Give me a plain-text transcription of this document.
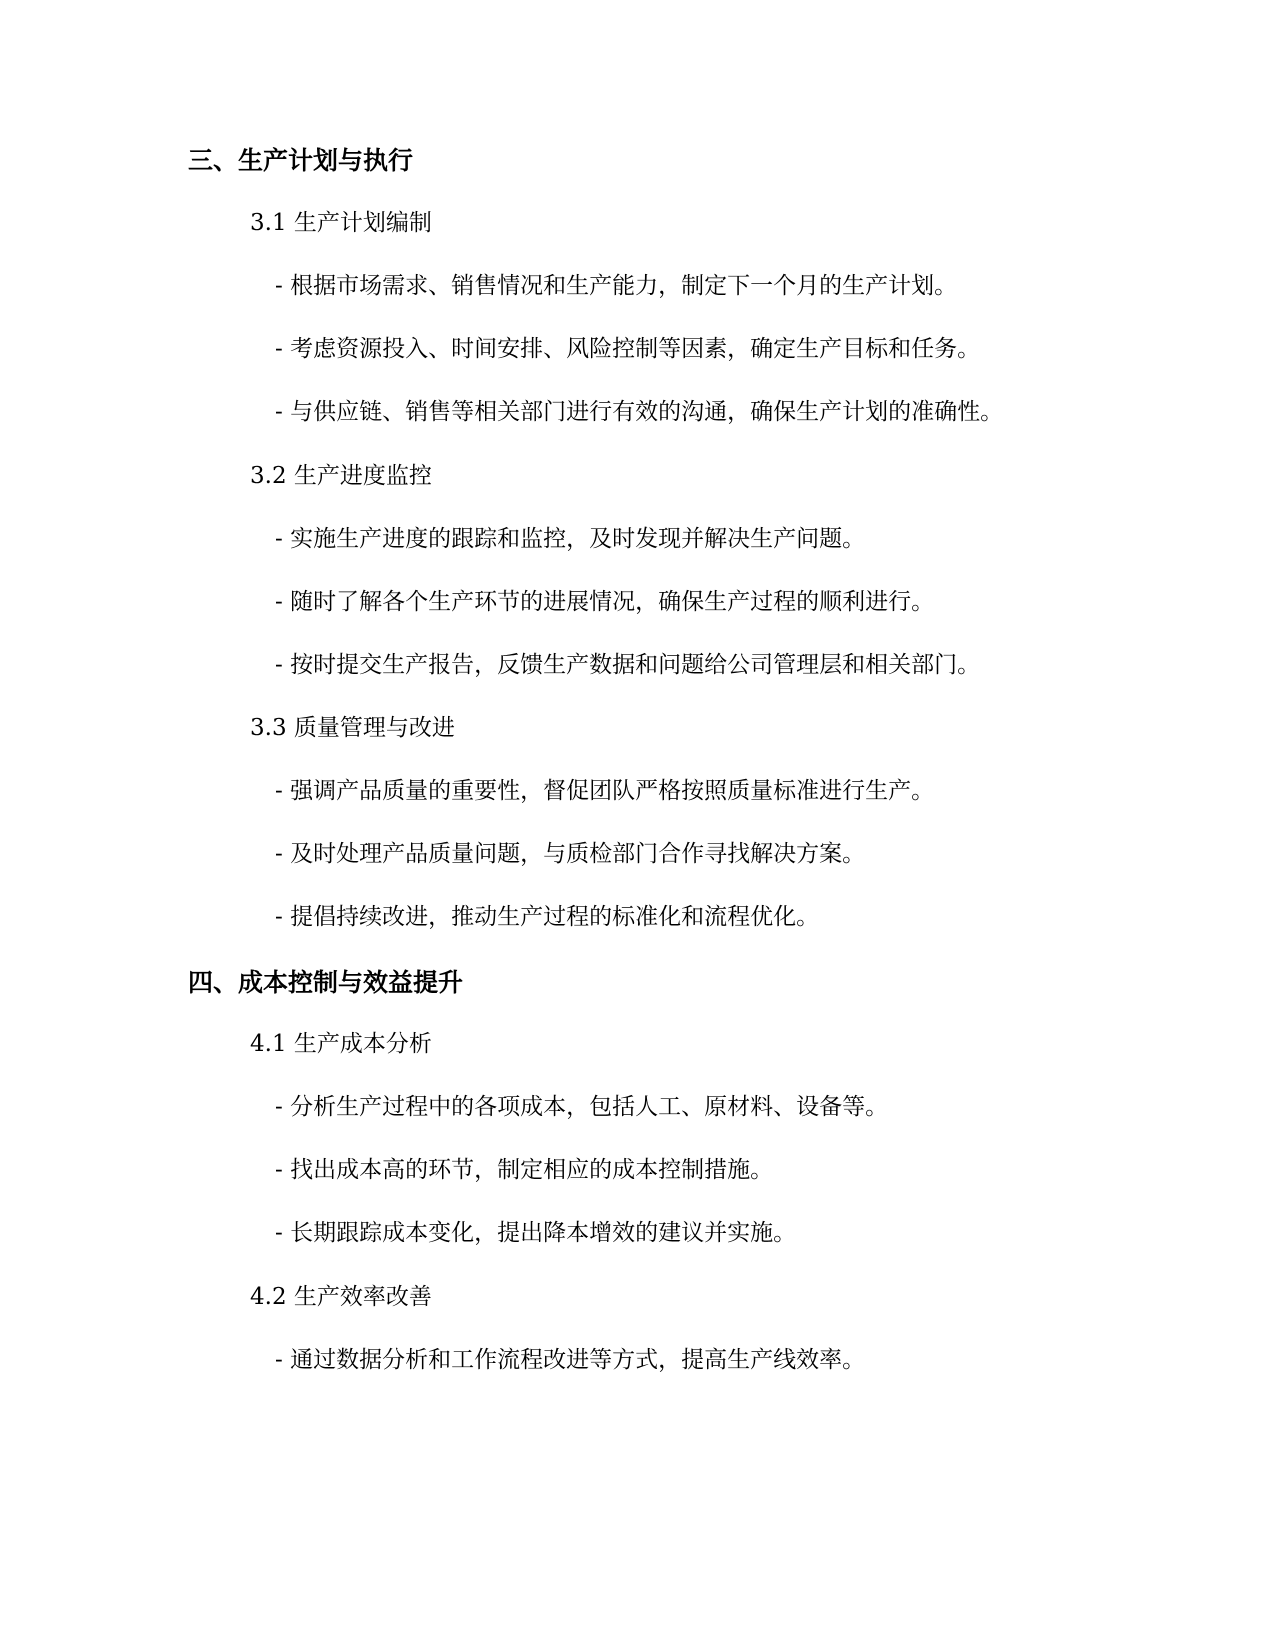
三、生产计划与执行
3.1 生产计划编制
- 根据市场需求、销售情况和生产能力，制定下一个月的生产计划。
- 考虑资源投入、时间安排、风险控制等因素，确定生产目标和任务。
- 与供应链、销售等相关部门进行有效的沟通，确保生产计划的准确性。
3.2 生产进度监控
- 实施生产进度的跟踪和监控，及时发现并解决生产问题。
- 随时了解各个生产环节的进展情况，确保生产过程的顺利进行。
- 按时提交生产报告，反馈生产数据和问题给公司管理层和相关部门。
3.3 质量管理与改进
- 强调产品质量的重要性，督促团队严格按照质量标准进行生产。
- 及时处理产品质量问题，与质检部门合作寻找解决方案。
- 提倡持续改进，推动生产过程的标准化和流程优化。
四、成本控制与效益提升
4.1 生产成本分析
- 分析生产过程中的各项成本，包括人工、原材料、设备等。
- 找出成本高的环节，制定相应的成本控制措施。
- 长期跟踪成本变化，提出降本增效的建议并实施。
4.2 生产效率改善
- 通过数据分析和工作流程改进等方式，提高生产线效率。
